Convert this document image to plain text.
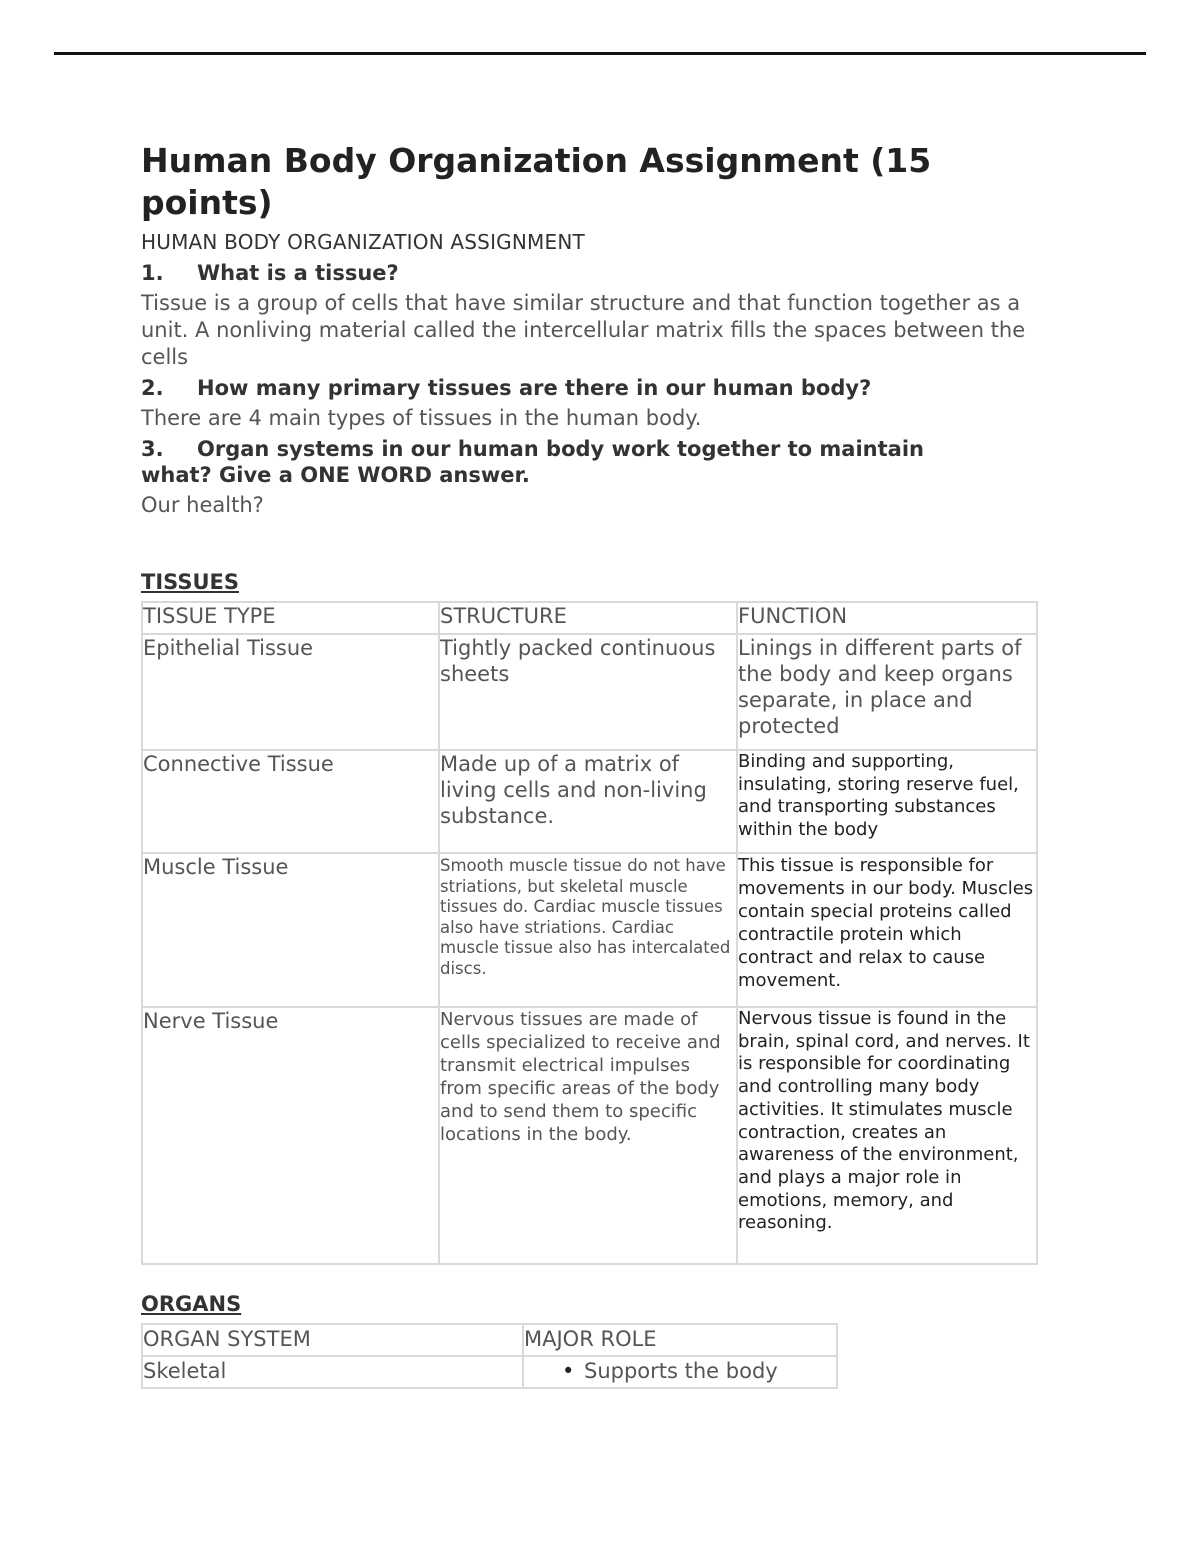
Human Body Organization Assignment (15 points)
HUMAN BODY ORGANIZATION ASSIGNMENT
1. What is a tissue?
Tissue is a group of cells that have similar structure and that function together as a unit. A nonliving material called the intercellular matrix fills the spaces between the cells
2. How many primary tissues are there in our human body?
There are 4 main types of tissues in the human body.
3. Organ systems in our human body work together to maintain what? Give a ONE WORD answer.
Our health?
TISSUES
TISSUE TYPE	STRUCTURE	FUNCTION
Epithelial Tissue	Tightly packed continuous sheets	Linings in different parts of the body and keep organs separate, in place and protected
Connective Tissue	Made up of a matrix of living cells and non-living substance.	Binding and supporting, insulating, storing reserve fuel, and transporting substances within the body
Muscle Tissue	Smooth muscle tissue do not have striations, but skeletal muscle tissues do. Cardiac muscle tissues also have striations. Cardiac muscle tissue also has intercalated discs.	This tissue is responsible for movements in our body. Muscles contain special proteins called contractile protein which contract and relax to cause movement.
Nerve Tissue	Nervous tissues are made of cells specialized to receive and transmit electrical impulses from specific areas of the body and to send them to specific locations in the body.	Nervous tissue is found in the brain, spinal cord, and nerves. It is responsible for coordinating and controlling many body activities. It stimulates muscle contraction, creates an awareness of the environment, and plays a major role in emotions, memory, and reasoning.
ORGANS
ORGAN SYSTEM	MAJOR ROLE
Skeletal	• Supports the body
